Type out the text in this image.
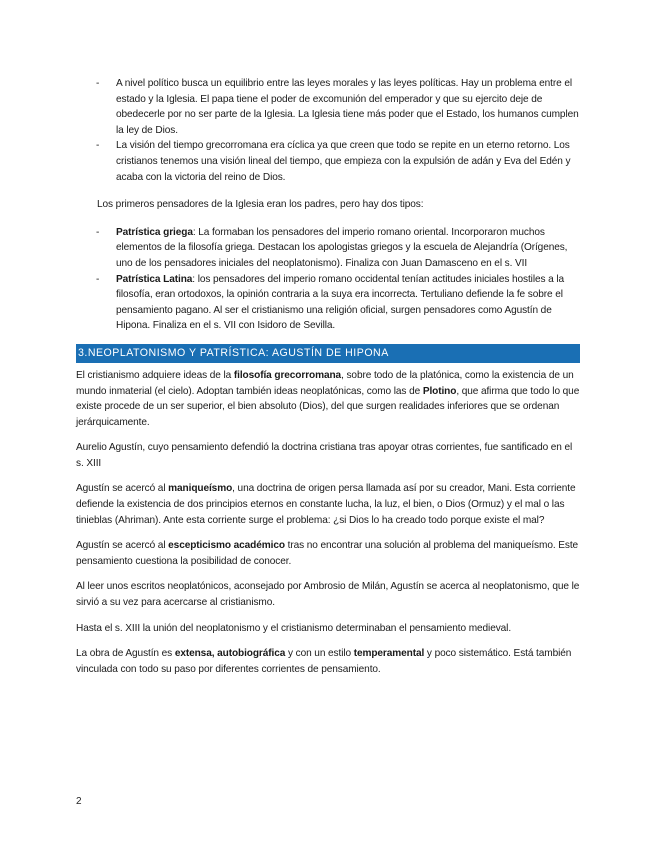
- A nivel político busca un equilibrio entre las leyes morales y las leyes políticas. Hay un problema entre el estado y la Iglesia. El papa tiene el poder de excomunión del emperador y que su ejercito deje de obedecerle por no ser parte de la Iglesia. La Iglesia tiene más poder que el Estado, los humanos cumplen la ley de Dios.
- La visión del tiempo grecorromana era cíclica ya que creen que todo se repite en un eterno retorno. Los cristianos tenemos una visión lineal del tiempo, que empieza con la expulsión de adán y Eva del Edén y acaba con la victoria del reino de Dios.

Los primeros pensadores de la Iglesia eran los padres, pero hay dos tipos:

- Patrística griega: La formaban los pensadores del imperio romano oriental. Incorporaron muchos elementos de la filosofía griega. Destacan los apologistas griegos y la escuela de Alejandría (Orígenes, uno de los pensadores iniciales del neoplatonismo). Finaliza con Juan Damasceno en el s. VII
- Patrística Latina: los pensadores del imperio romano occidental tenían actitudes iniciales hostiles a la filosofía, eran ortodoxos, la opinión contraria a la suya era incorrecta. Tertuliano defiende la fe sobre el pensamiento pagano. Al ser el cristianismo una religión oficial, surgen pensadores como Agustín de Hipona. Finaliza en el s. VII con Isidoro de Sevilla.
3.NEOPLATONISMO Y PATRÍSTICA: AGUSTÍN DE HIPONA

El cristianismo adquiere ideas de la filosofía grecorromana, sobre todo de la platónica, como la existencia de un mundo inmaterial (el cielo). Adoptan también ideas neoplatónicas, como las de Plotino, que afirma que todo lo que existe procede de un ser superior, el bien absoluto (Dios), del que surgen realidades inferiores que se ordenan jerárquicamente.

Aurelio Agustín, cuyo pensamiento defendió la doctrina cristiana tras apoyar otras corrientes, fue santificado en el s. XIII

Agustín se acercó al maniqueísmo, una doctrina de origen persa llamada así por su creador, Mani. Esta corriente defiende la existencia de dos principios eternos en constante lucha, la luz, el bien, o Dios (Ormuz) y el mal o las tinieblas (Ahriman). Ante esta corriente surge el problema: ¿si Dios lo ha creado todo porque existe el mal?

Agustín se acercó al escepticismo académico tras no encontrar una solución al problema del maniqueísmo. Este pensamiento cuestiona la posibilidad de conocer.

Al leer unos escritos neoplatónicos, aconsejado por Ambrosio de Milán, Agustín se acerca al neoplatonismo, que le sirvió a su vez para acercarse al cristianismo.

Hasta el s. XIII la unión del neoplatonismo y el cristianismo determinaban el pensamiento medieval.

La obra de Agustín es extensa, autobiográfica y con un estilo temperamental y poco sistemático. Está también vinculada con todo su paso por diferentes corrientes de pensamiento.

2
